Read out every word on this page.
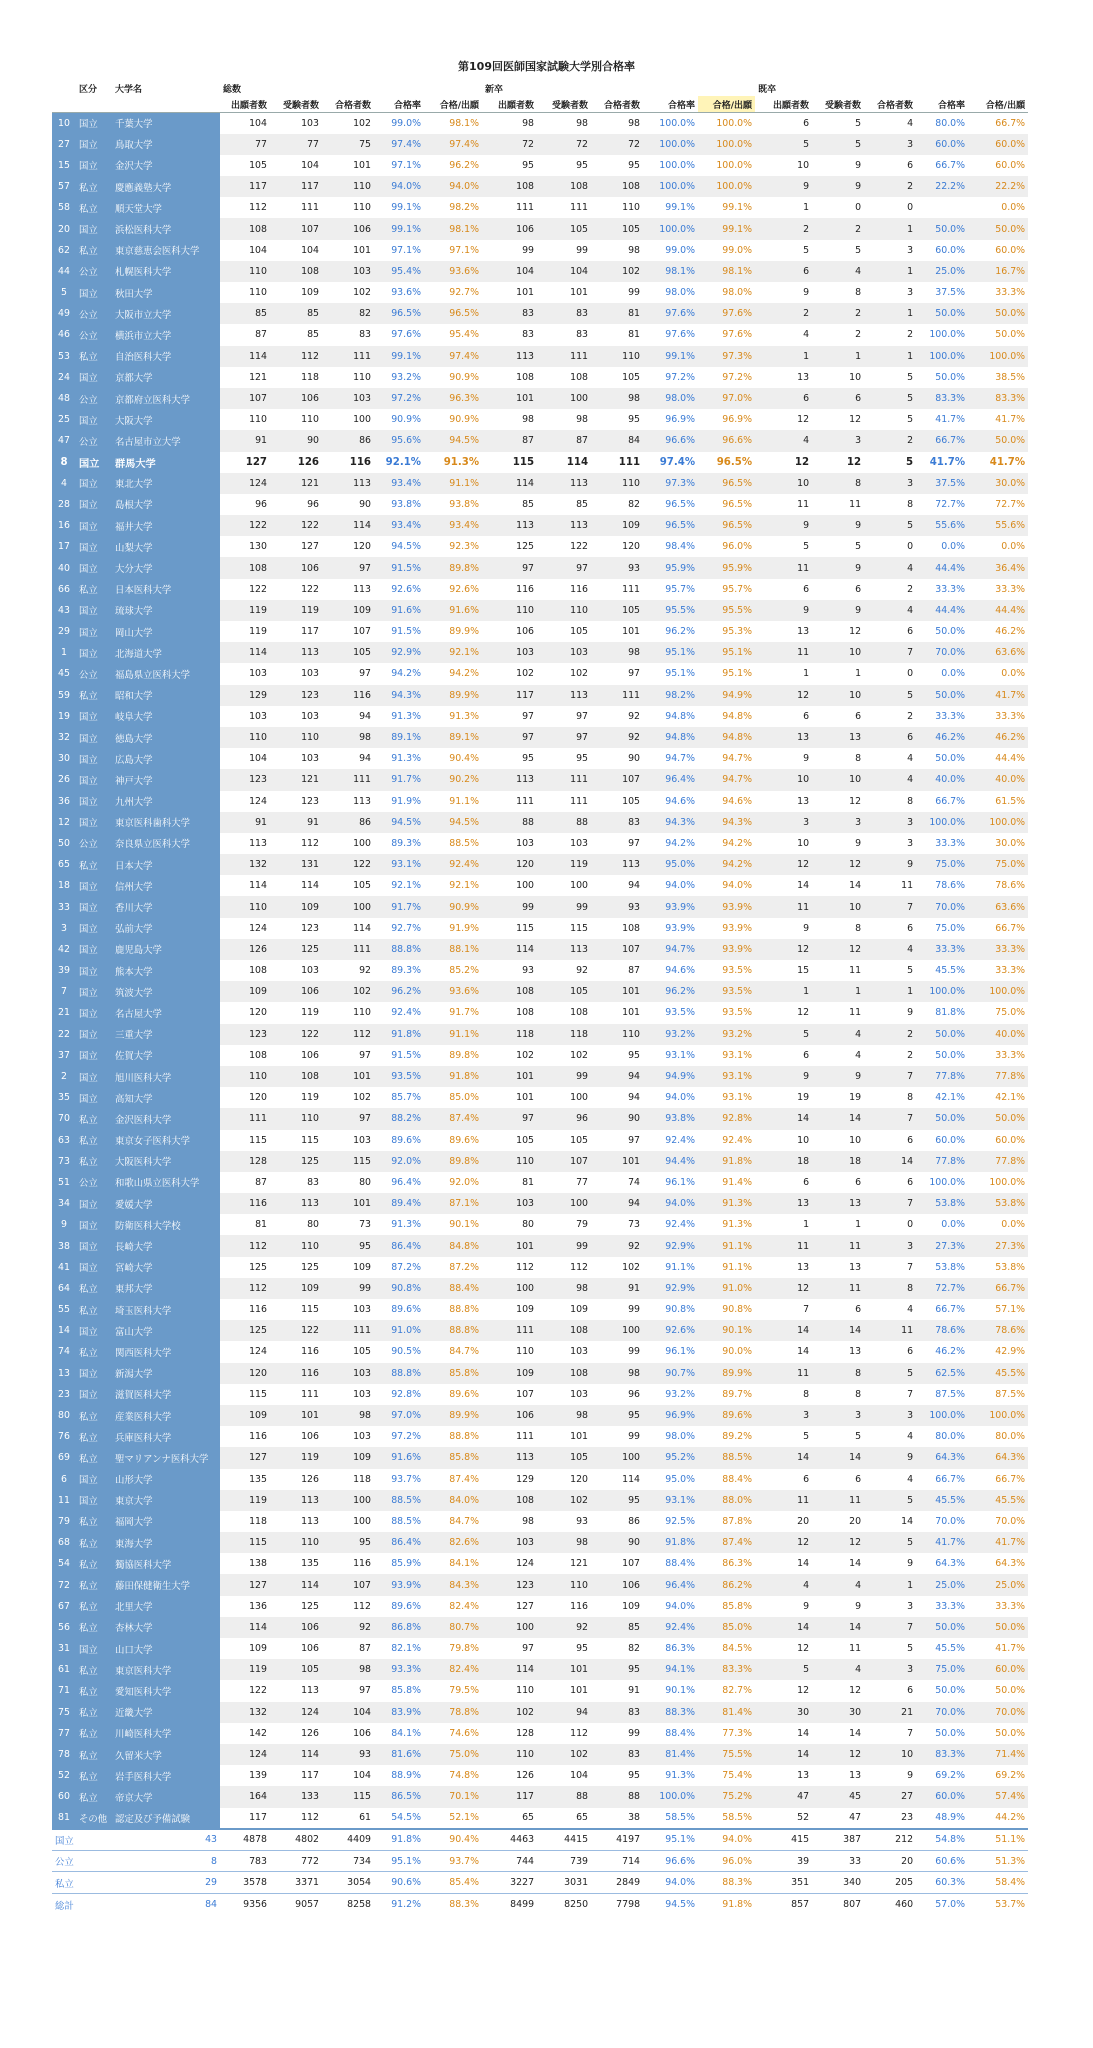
第109回医師国家試験大学別合格率
	区分	大学名	総数					新卒					既卒				
			出願者数	受験者数	合格者数	合格率	合格/出願	出願者数	受験者数	合格者数	合格率	合格/出願	出願者数	受験者数	合格者数	合格率	合格/出願
10	国立	千葉大学	104	103	102	99.0%	98.1%	98	98	98	100.0%	100.0%	6	5	4	80.0%	66.7%
27	国立	鳥取大学	77	77	75	97.4%	97.4%	72	72	72	100.0%	100.0%	5	5	3	60.0%	60.0%
15	国立	金沢大学	105	104	101	97.1%	96.2%	95	95	95	100.0%	100.0%	10	9	6	66.7%	60.0%
57	私立	慶應義塾大学	117	117	110	94.0%	94.0%	108	108	108	100.0%	100.0%	9	9	2	22.2%	22.2%
58	私立	順天堂大学	112	111	110	99.1%	98.2%	111	111	110	99.1%	99.1%	1	0	0		0.0%
20	国立	浜松医科大学	108	107	106	99.1%	98.1%	106	105	105	100.0%	99.1%	2	2	1	50.0%	50.0%
62	私立	東京慈恵会医科大学	104	104	101	97.1%	97.1%	99	99	98	99.0%	99.0%	5	5	3	60.0%	60.0%
44	公立	札幌医科大学	110	108	103	95.4%	93.6%	104	104	102	98.1%	98.1%	6	4	1	25.0%	16.7%
5	国立	秋田大学	110	109	102	93.6%	92.7%	101	101	99	98.0%	98.0%	9	8	3	37.5%	33.3%
49	公立	大阪市立大学	85	85	82	96.5%	96.5%	83	83	81	97.6%	97.6%	2	2	1	50.0%	50.0%
46	公立	横浜市立大学	87	85	83	97.6%	95.4%	83	83	81	97.6%	97.6%	4	2	2	100.0%	50.0%
53	私立	自治医科大学	114	112	111	99.1%	97.4%	113	111	110	99.1%	97.3%	1	1	1	100.0%	100.0%
24	国立	京都大学	121	118	110	93.2%	90.9%	108	108	105	97.2%	97.2%	13	10	5	50.0%	38.5%
48	公立	京都府立医科大学	107	106	103	97.2%	96.3%	101	100	98	98.0%	97.0%	6	6	5	83.3%	83.3%
25	国立	大阪大学	110	110	100	90.9%	90.9%	98	98	95	96.9%	96.9%	12	12	5	41.7%	41.7%
47	公立	名古屋市立大学	91	90	86	95.6%	94.5%	87	87	84	96.6%	96.6%	4	3	2	66.7%	50.0%
8	国立	群馬大学	127	126	116	92.1%	91.3%	115	114	111	97.4%	96.5%	12	12	5	41.7%	41.7%
4	国立	東北大学	124	121	113	93.4%	91.1%	114	113	110	97.3%	96.5%	10	8	3	37.5%	30.0%
28	国立	島根大学	96	96	90	93.8%	93.8%	85	85	82	96.5%	96.5%	11	11	8	72.7%	72.7%
16	国立	福井大学	122	122	114	93.4%	93.4%	113	113	109	96.5%	96.5%	9	9	5	55.6%	55.6%
17	国立	山梨大学	130	127	120	94.5%	92.3%	125	122	120	98.4%	96.0%	5	5	0	0.0%	0.0%
40	国立	大分大学	108	106	97	91.5%	89.8%	97	97	93	95.9%	95.9%	11	9	4	44.4%	36.4%
66	私立	日本医科大学	122	122	113	92.6%	92.6%	116	116	111	95.7%	95.7%	6	6	2	33.3%	33.3%
43	国立	琉球大学	119	119	109	91.6%	91.6%	110	110	105	95.5%	95.5%	9	9	4	44.4%	44.4%
29	国立	岡山大学	119	117	107	91.5%	89.9%	106	105	101	96.2%	95.3%	13	12	6	50.0%	46.2%
1	国立	北海道大学	114	113	105	92.9%	92.1%	103	103	98	95.1%	95.1%	11	10	7	70.0%	63.6%
45	公立	福島県立医科大学	103	103	97	94.2%	94.2%	102	102	97	95.1%	95.1%	1	1	0	0.0%	0.0%
59	私立	昭和大学	129	123	116	94.3%	89.9%	117	113	111	98.2%	94.9%	12	10	5	50.0%	41.7%
19	国立	岐阜大学	103	103	94	91.3%	91.3%	97	97	92	94.8%	94.8%	6	6	2	33.3%	33.3%
32	国立	徳島大学	110	110	98	89.1%	89.1%	97	97	92	94.8%	94.8%	13	13	6	46.2%	46.2%
30	国立	広島大学	104	103	94	91.3%	90.4%	95	95	90	94.7%	94.7%	9	8	4	50.0%	44.4%
26	国立	神戸大学	123	121	111	91.7%	90.2%	113	111	107	96.4%	94.7%	10	10	4	40.0%	40.0%
36	国立	九州大学	124	123	113	91.9%	91.1%	111	111	105	94.6%	94.6%	13	12	8	66.7%	61.5%
12	国立	東京医科歯科大学	91	91	86	94.5%	94.5%	88	88	83	94.3%	94.3%	3	3	3	100.0%	100.0%
50	公立	奈良県立医科大学	113	112	100	89.3%	88.5%	103	103	97	94.2%	94.2%	10	9	3	33.3%	30.0%
65	私立	日本大学	132	131	122	93.1%	92.4%	120	119	113	95.0%	94.2%	12	12	9	75.0%	75.0%
18	国立	信州大学	114	114	105	92.1%	92.1%	100	100	94	94.0%	94.0%	14	14	11	78.6%	78.6%
33	国立	香川大学	110	109	100	91.7%	90.9%	99	99	93	93.9%	93.9%	11	10	7	70.0%	63.6%
3	国立	弘前大学	124	123	114	92.7%	91.9%	115	115	108	93.9%	93.9%	9	8	6	75.0%	66.7%
42	国立	鹿児島大学	126	125	111	88.8%	88.1%	114	113	107	94.7%	93.9%	12	12	4	33.3%	33.3%
39	国立	熊本大学	108	103	92	89.3%	85.2%	93	92	87	94.6%	93.5%	15	11	5	45.5%	33.3%
7	国立	筑波大学	109	106	102	96.2%	93.6%	108	105	101	96.2%	93.5%	1	1	1	100.0%	100.0%
21	国立	名古屋大学	120	119	110	92.4%	91.7%	108	108	101	93.5%	93.5%	12	11	9	81.8%	75.0%
22	国立	三重大学	123	122	112	91.8%	91.1%	118	118	110	93.2%	93.2%	5	4	2	50.0%	40.0%
37	国立	佐賀大学	108	106	97	91.5%	89.8%	102	102	95	93.1%	93.1%	6	4	2	50.0%	33.3%
2	国立	旭川医科大学	110	108	101	93.5%	91.8%	101	99	94	94.9%	93.1%	9	9	7	77.8%	77.8%
35	国立	高知大学	120	119	102	85.7%	85.0%	101	100	94	94.0%	93.1%	19	19	8	42.1%	42.1%
70	私立	金沢医科大学	111	110	97	88.2%	87.4%	97	96	90	93.8%	92.8%	14	14	7	50.0%	50.0%
63	私立	東京女子医科大学	115	115	103	89.6%	89.6%	105	105	97	92.4%	92.4%	10	10	6	60.0%	60.0%
73	私立	大阪医科大学	128	125	115	92.0%	89.8%	110	107	101	94.4%	91.8%	18	18	14	77.8%	77.8%
51	公立	和歌山県立医科大学	87	83	80	96.4%	92.0%	81	77	74	96.1%	91.4%	6	6	6	100.0%	100.0%
34	国立	愛媛大学	116	113	101	89.4%	87.1%	103	100	94	94.0%	91.3%	13	13	7	53.8%	53.8%
9	国立	防衛医科大学校	81	80	73	91.3%	90.1%	80	79	73	92.4%	91.3%	1	1	0	0.0%	0.0%
38	国立	長崎大学	112	110	95	86.4%	84.8%	101	99	92	92.9%	91.1%	11	11	3	27.3%	27.3%
41	国立	宮崎大学	125	125	109	87.2%	87.2%	112	112	102	91.1%	91.1%	13	13	7	53.8%	53.8%
64	私立	東邦大学	112	109	99	90.8%	88.4%	100	98	91	92.9%	91.0%	12	11	8	72.7%	66.7%
55	私立	埼玉医科大学	116	115	103	89.6%	88.8%	109	109	99	90.8%	90.8%	7	6	4	66.7%	57.1%
14	国立	富山大学	125	122	111	91.0%	88.8%	111	108	100	92.6%	90.1%	14	14	11	78.6%	78.6%
74	私立	関西医科大学	124	116	105	90.5%	84.7%	110	103	99	96.1%	90.0%	14	13	6	46.2%	42.9%
13	国立	新潟大学	120	116	103	88.8%	85.8%	109	108	98	90.7%	89.9%	11	8	5	62.5%	45.5%
23	国立	滋賀医科大学	115	111	103	92.8%	89.6%	107	103	96	93.2%	89.7%	8	8	7	87.5%	87.5%
80	私立	産業医科大学	109	101	98	97.0%	89.9%	106	98	95	96.9%	89.6%	3	3	3	100.0%	100.0%
76	私立	兵庫医科大学	116	106	103	97.2%	88.8%	111	101	99	98.0%	89.2%	5	5	4	80.0%	80.0%
69	私立	聖マリアンナ医科大学	127	119	109	91.6%	85.8%	113	105	100	95.2%	88.5%	14	14	9	64.3%	64.3%
6	国立	山形大学	135	126	118	93.7%	87.4%	129	120	114	95.0%	88.4%	6	6	4	66.7%	66.7%
11	国立	東京大学	119	113	100	88.5%	84.0%	108	102	95	93.1%	88.0%	11	11	5	45.5%	45.5%
79	私立	福岡大学	118	113	100	88.5%	84.7%	98	93	86	92.5%	87.8%	20	20	14	70.0%	70.0%
68	私立	東海大学	115	110	95	86.4%	82.6%	103	98	90	91.8%	87.4%	12	12	5	41.7%	41.7%
54	私立	獨協医科大学	138	135	116	85.9%	84.1%	124	121	107	88.4%	86.3%	14	14	9	64.3%	64.3%
72	私立	藤田保健衛生大学	127	114	107	93.9%	84.3%	123	110	106	96.4%	86.2%	4	4	1	25.0%	25.0%
67	私立	北里大学	136	125	112	89.6%	82.4%	127	116	109	94.0%	85.8%	9	9	3	33.3%	33.3%
56	私立	杏林大学	114	106	92	86.8%	80.7%	100	92	85	92.4%	85.0%	14	14	7	50.0%	50.0%
31	国立	山口大学	109	106	87	82.1%	79.8%	97	95	82	86.3%	84.5%	12	11	5	45.5%	41.7%
61	私立	東京医科大学	119	105	98	93.3%	82.4%	114	101	95	94.1%	83.3%	5	4	3	75.0%	60.0%
71	私立	愛知医科大学	122	113	97	85.8%	79.5%	110	101	91	90.1%	82.7%	12	12	6	50.0%	50.0%
75	私立	近畿大学	132	124	104	83.9%	78.8%	102	94	83	88.3%	81.4%	30	30	21	70.0%	70.0%
77	私立	川崎医科大学	142	126	106	84.1%	74.6%	128	112	99	88.4%	77.3%	14	14	7	50.0%	50.0%
78	私立	久留米大学	124	114	93	81.6%	75.0%	110	102	83	81.4%	75.5%	14	12	10	83.3%	71.4%
52	私立	岩手医科大学	139	117	104	88.9%	74.8%	126	104	95	91.3%	75.4%	13	13	9	69.2%	69.2%
60	私立	帝京大学	164	133	115	86.5%	70.1%	117	88	88	100.0%	75.2%	47	45	27	60.0%	57.4%
81	その他	認定及び予備試験	117	112	61	54.5%	52.1%	65	65	38	58.5%	58.5%	52	47	23	48.9%	44.2%
国立		43	4878	4802	4409	91.8%	90.4%	4463	4415	4197	95.1%	94.0%	415	387	212	54.8%	51.1%
公立		8	783	772	734	95.1%	93.7%	744	739	714	96.6%	96.0%	39	33	20	60.6%	51.3%
私立		29	3578	3371	3054	90.6%	85.4%	3227	3031	2849	94.0%	88.3%	351	340	205	60.3%	58.4%
総計		84	9356	9057	8258	91.2%	88.3%	8499	8250	7798	94.5%	91.8%	857	807	460	57.0%	53.7%
